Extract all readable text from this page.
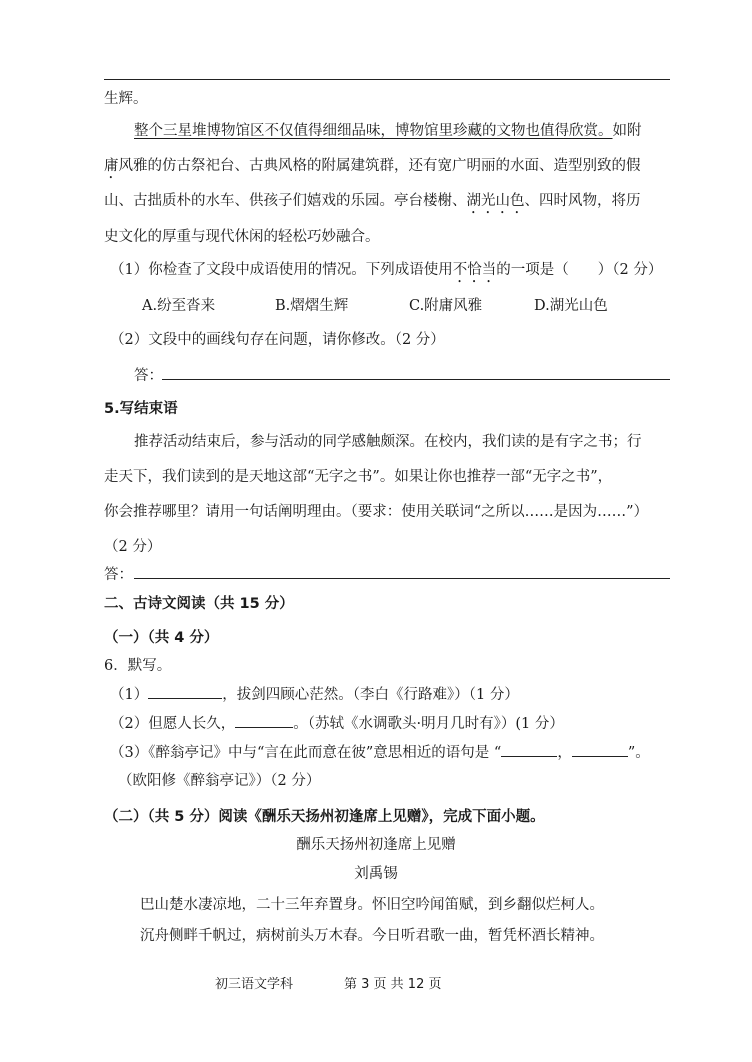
生辉。
整个三星堆博物馆区不仅值得细细品味，博物馆里珍藏的文物也值得欣赏。如附
庸风雅的仿古祭祀台、古典风格的附属建筑群，还有宽广明丽的水面、造型别致的假
山、古拙质朴的水车、供孩子们嬉戏的乐园。亭台楼榭、湖光山色、四时风物，将历
史文化的厚重与现代休闲的轻松巧妙融合。
（1）你检查了文段中成语使用的情况。下列成语使用不恰当的一项是（　　）（2 分）
A.纷至沓来	B.熠熠生辉	C.附庸风雅	D.湖光山色
（2）文段中的画线句存在问题，请你修改。（2 分）
答：
5.写结束语
推荐活动结束后，参与活动的同学感触颇深。在校内，我们读的是有字之书；行
走天下，我们读到的是天地这部“无字之书”。如果让你也推荐一部“无字之书”，
你会推荐哪里？请用一句话阐明理由。（要求：使用关联词“之所以……是因为……”）
（2 分）
答：
二、古诗文阅读（共 15 分）
（一）（共 4 分）
6．默写。
（1）	，拔剑四顾心茫然。（李白《行路难》）（1 分）
（2）但愿人长久，	。（苏轼《水调歌头·明月几时有》）(1 分）
（3）《醉翁亭记》中与“言在此而意在彼”意思相近的语句是 “	，	”。
（欧阳修《醉翁亭记》）（2 分）
（二）（共 5 分）阅读《酬乐天扬州初逢席上见赠》，完成下面小题。
酬乐天扬州初逢席上见赠
刘禹锡
巴山楚水凄凉地，二十三年弃置身。怀旧空吟闻笛赋，到乡翻似烂柯人。
沉舟侧畔千帆过，病树前头万木春。今日听君歌一曲，暂凭杯酒长精神。
初三语文学科	第 3 页 共 12 页
